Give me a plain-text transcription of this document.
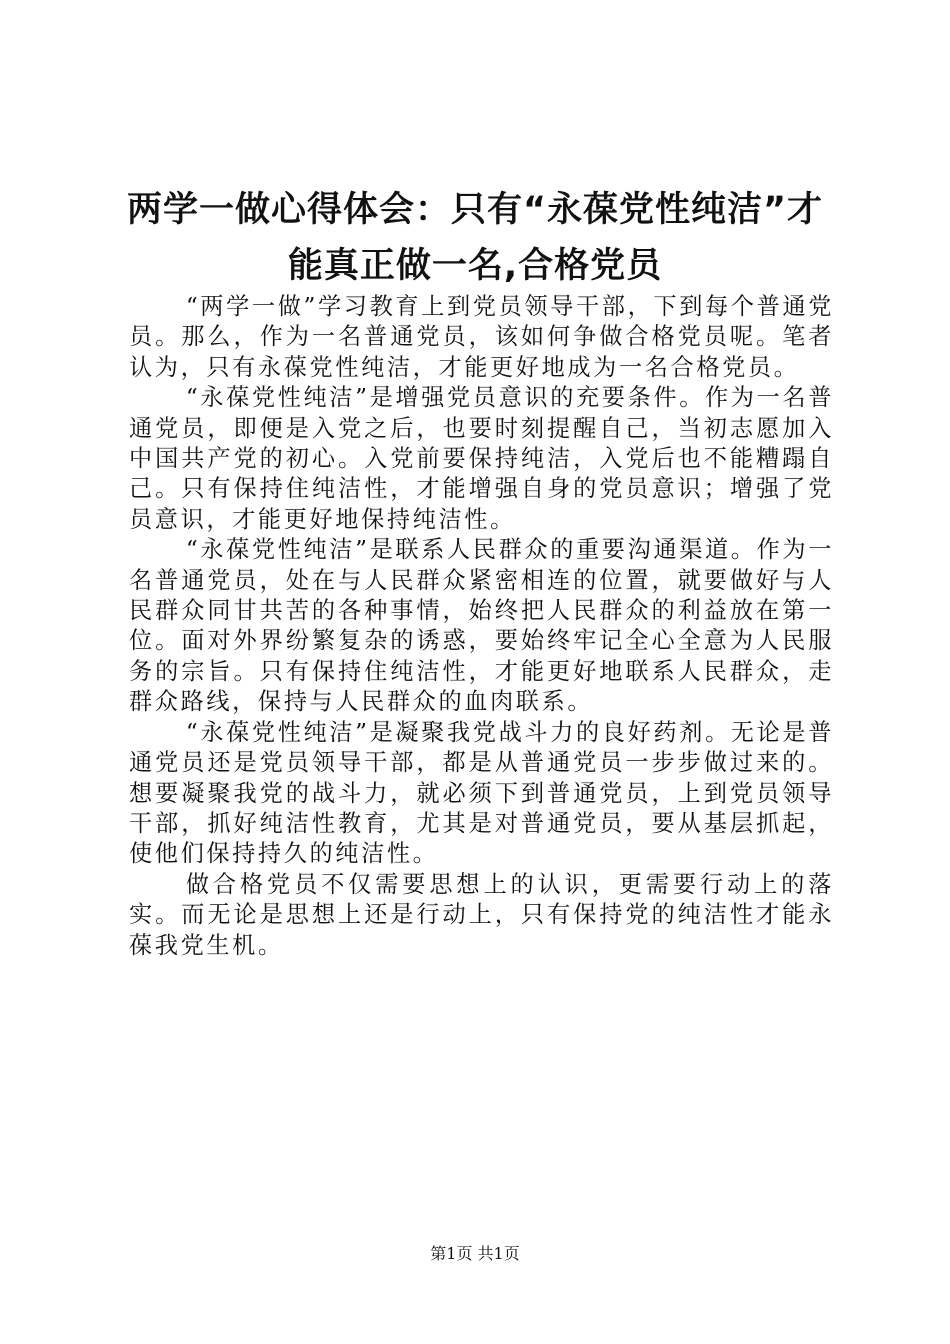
两学一做心得体会：只有“永葆党性纯洁”才
能真正做一名,合格党员

“两学一做”学习教育上到党员领导干部，下到每个普通党员。那么，作为一名普通党员，该如何争做合格党员呢。笔者认为，只有永葆党性纯洁，才能更好地成为一名合格党员。

“永葆党性纯洁”是增强党员意识的充要条件。作为一名普通党员，即便是入党之后，也要时刻提醒自己，当初志愿加入中国共产党的初心。入党前要保持纯洁，入党后也不能糟蹋自己。只有保持住纯洁性，才能增强自身的党员意识；增强了党员意识，才能更好地保持纯洁性。

“永葆党性纯洁”是联系人民群众的重要沟通渠道。作为一名普通党员，处在与人民群众紧密相连的位置，就要做好与人民群众同甘共苦的各种事情，始终把人民群众的利益放在第一位。面对外界纷繁复杂的诱惑，要始终牢记全心全意为人民服务的宗旨。只有保持住纯洁性，才能更好地联系人民群众，走群众路线，保持与人民群众的血肉联系。

“永葆党性纯洁”是凝聚我党战斗力的良好药剂。无论是普通党员还是党员领导干部，都是从普通党员一步步做过来的。想要凝聚我党的战斗力，就必须下到普通党员，上到党员领导干部，抓好纯洁性教育，尤其是对普通党员，要从基层抓起，使他们保持持久的纯洁性。

做合格党员不仅需要思想上的认识，更需要行动上的落实。而无论是思想上还是行动上，只有保持党的纯洁性才能永葆我党生机。

第1页 共1页
